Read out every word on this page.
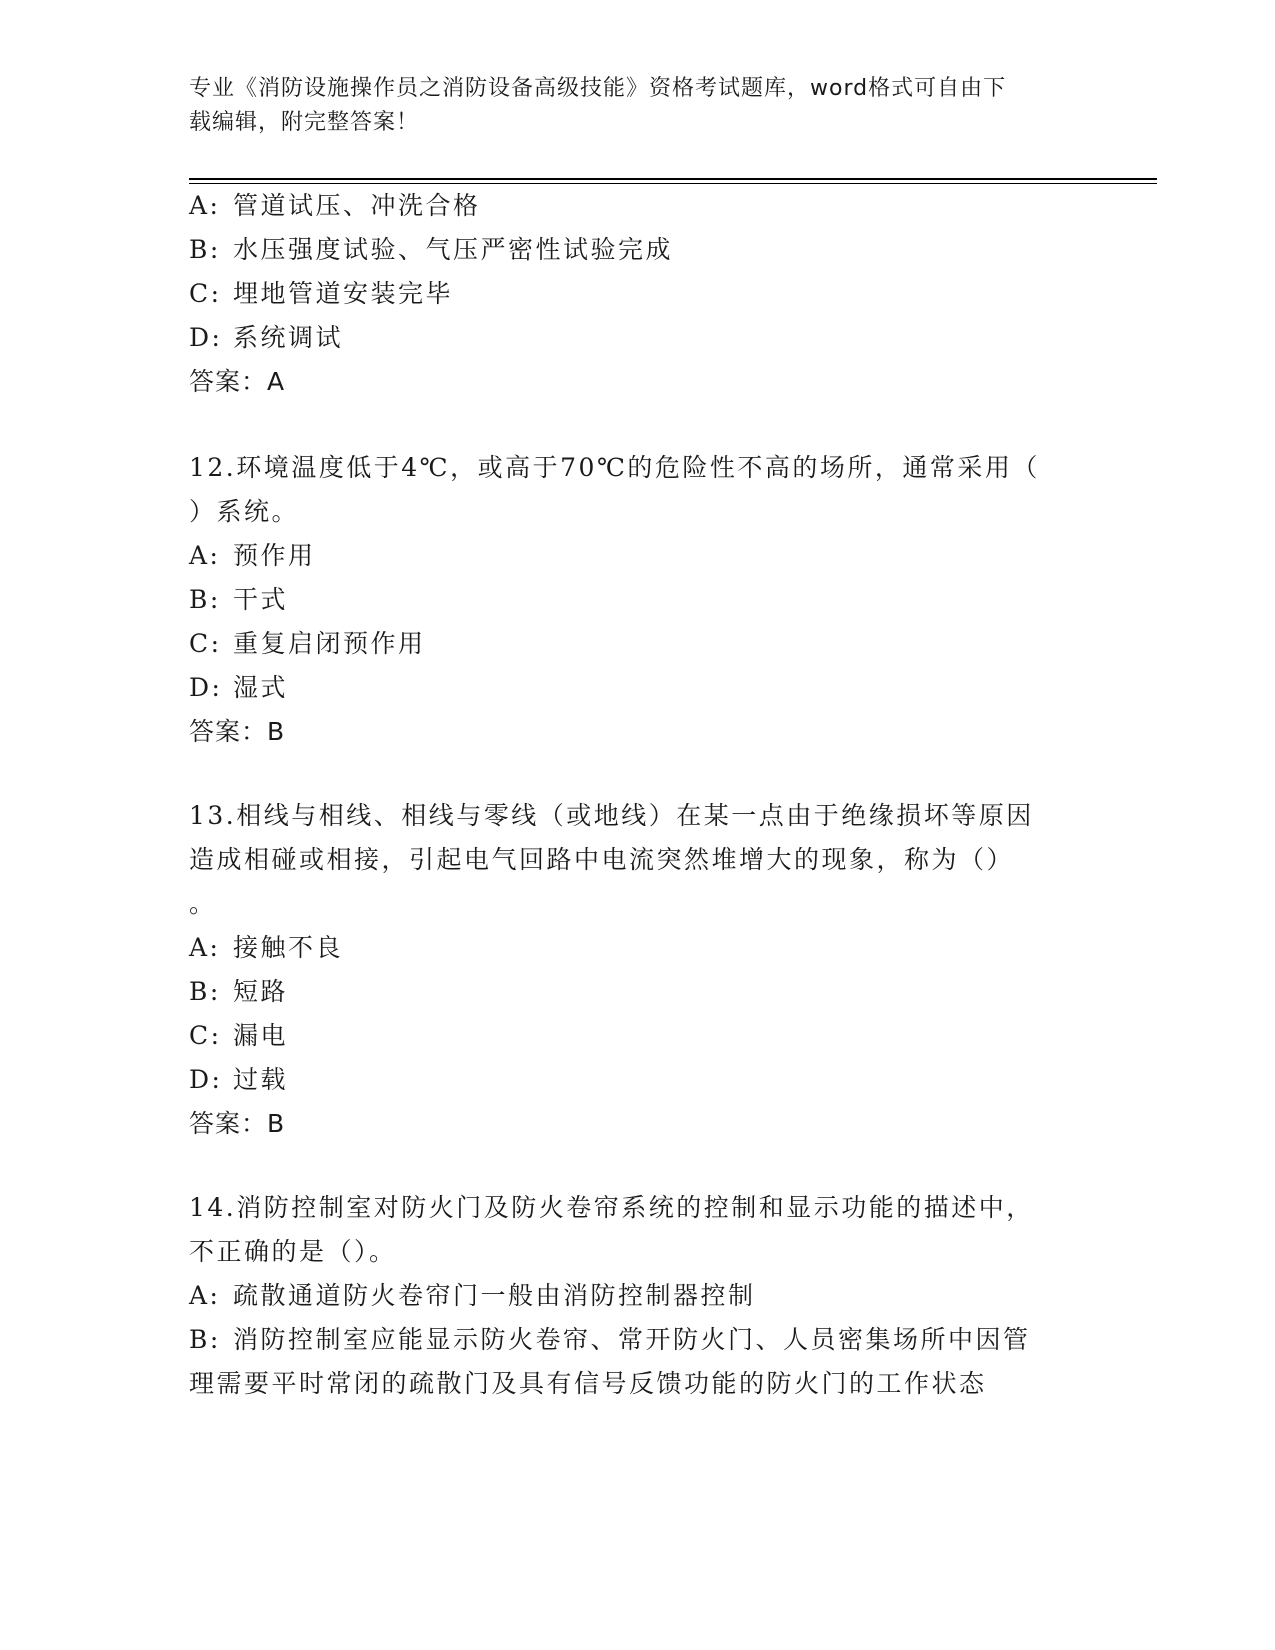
专业《消防设施操作员之消防设备高级技能》资格考试题库，word格式可自由下
载编辑，附完整答案！
A: 管道试压、冲洗合格
B: 水压强度试验、气压严密性试验完成
C: 埋地管道安装完毕
D: 系统调试
答案：A
12.环境温度低于4℃，或高于70℃的危险性不高的场所，通常采用（
）系统。
A: 预作用
B: 干式
C: 重复启闭预作用
D: 湿式
答案：B
13.相线与相线、相线与零线（或地线）在某一点由于绝缘损坏等原因
造成相碰或相接，引起电气回路中电流突然堆增大的现象，称为（）
。
A: 接触不良
B: 短路
C: 漏电
D: 过载
答案：B
14.消防控制室对防火门及防火卷帘系统的控制和显示功能的描述中，
不正确的是（）。
A: 疏散通道防火卷帘门一般由消防控制器控制
B: 消防控制室应能显示防火卷帘、常开防火门、人员密集场所中因管
理需要平时常闭的疏散门及具有信号反馈功能的防火门的工作状态
